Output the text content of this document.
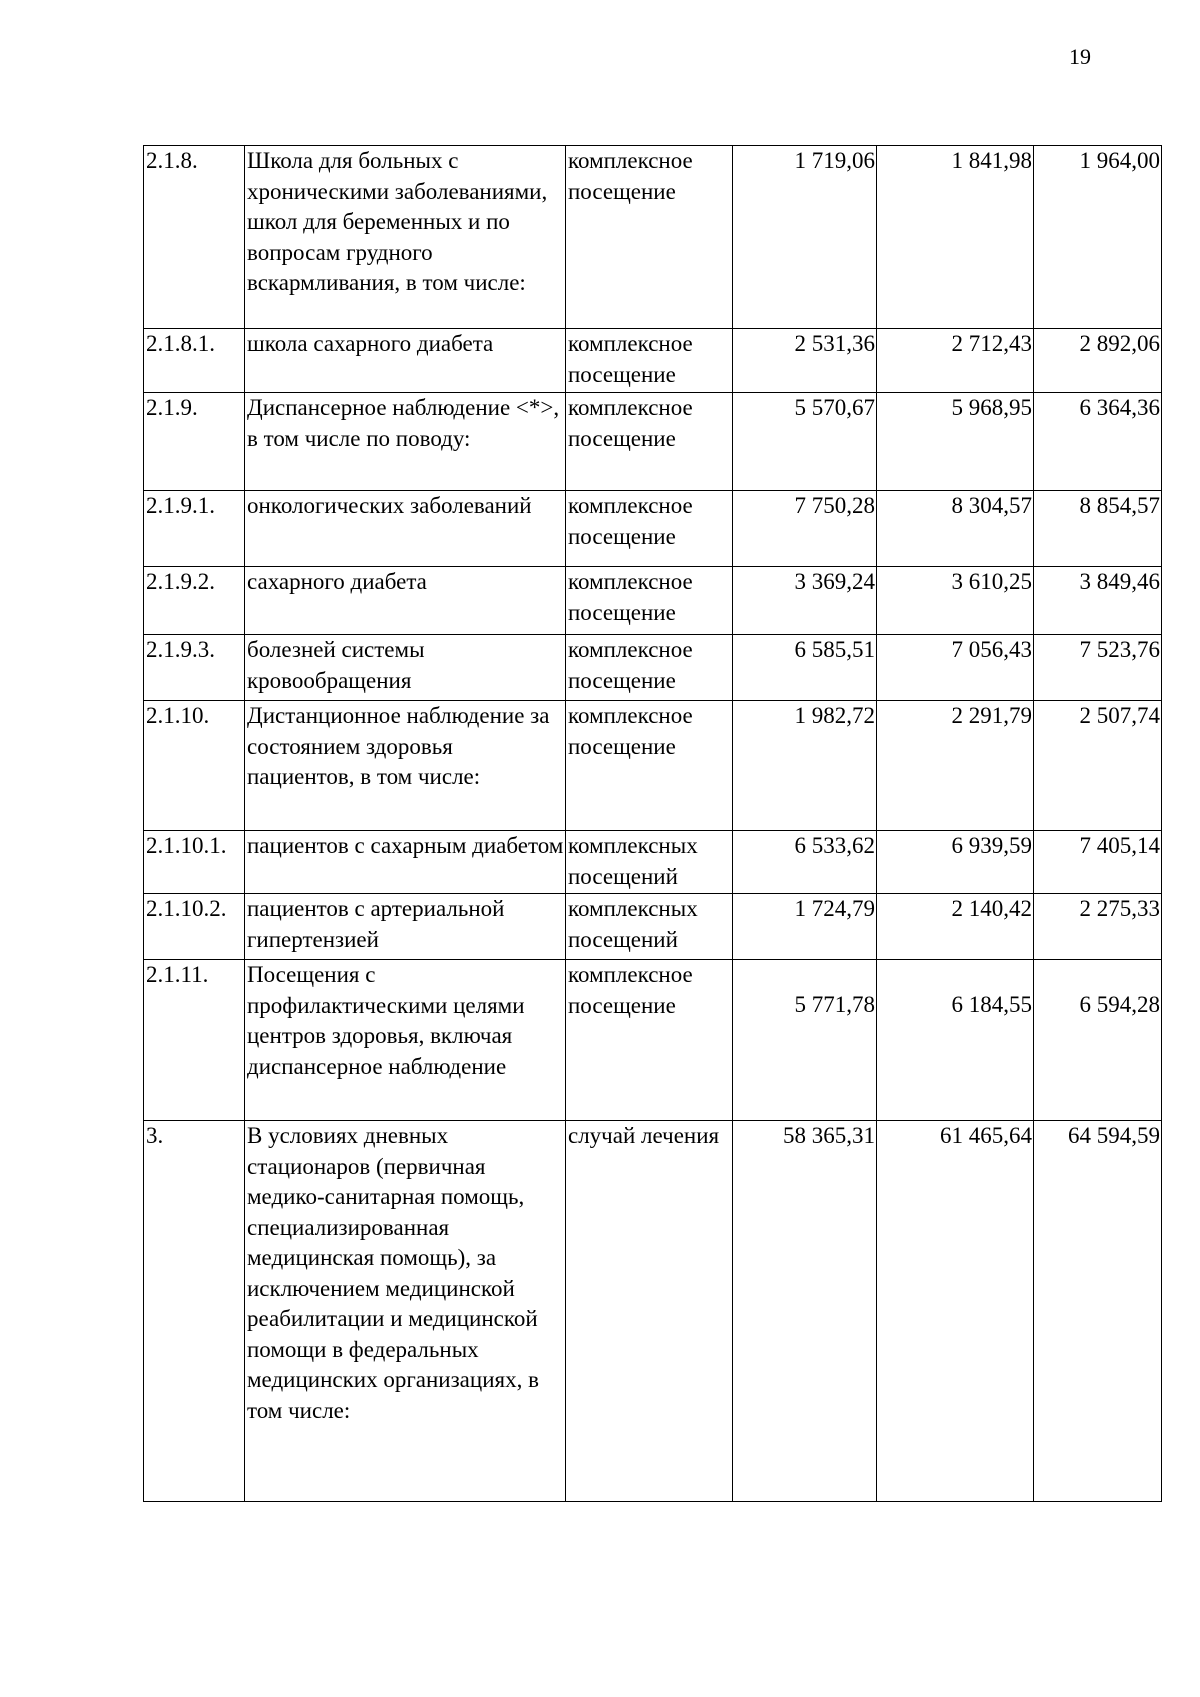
19
2.1.8.	Школа для больных с хроническими заболеваниями, школ для беременных и по вопросам грудного вскармливания, в том числе:	комплексное посещение	1 719,06	1 841,98	1 964,00
2.1.8.1.	школа сахарного диабета	комплексное посещение	2 531,36	2 712,43	2 892,06
2.1.9.	Диспансерное наблюдение <*>, в том числе по поводу:	комплексное посещение	5 570,67	5 968,95	6 364,36
2.1.9.1.	онкологических заболеваний	комплексное посещение	7 750,28	8 304,57	8 854,57
2.1.9.2.	сахарного диабета	комплексное посещение	3 369,24	3 610,25	3 849,46
2.1.9.3.	болезней системы кровообращения	комплексное посещение	6 585,51	7 056,43	7 523,76
2.1.10.	Дистанционное наблюдение за состоянием здоровья пациентов, в том числе:	комплексное посещение	1 982,72	2 291,79	2 507,74
2.1.10.1.	пациентов с сахарным диабетом	комплексных посещений	6 533,62	6 939,59	7 405,14
2.1.10.2.	пациентов с артериальной гипертензией	комплексных посещений	1 724,79	2 140,42	2 275,33
2.1.11.	Посещения с профилактическими целями центров здоровья, включая диспансерное наблюдение	комплексное посещение	5 771,78	6 184,55	6 594,28
3.	В условиях дневных стационаров (первичная медико-санитарная помощь, специализированная медицинская помощь), за исключением медицинской реабилитации и медицинской помощи в федеральных медицинских организациях, в том числе:	случай лечения	58 365,31	61 465,64	64 594,59
